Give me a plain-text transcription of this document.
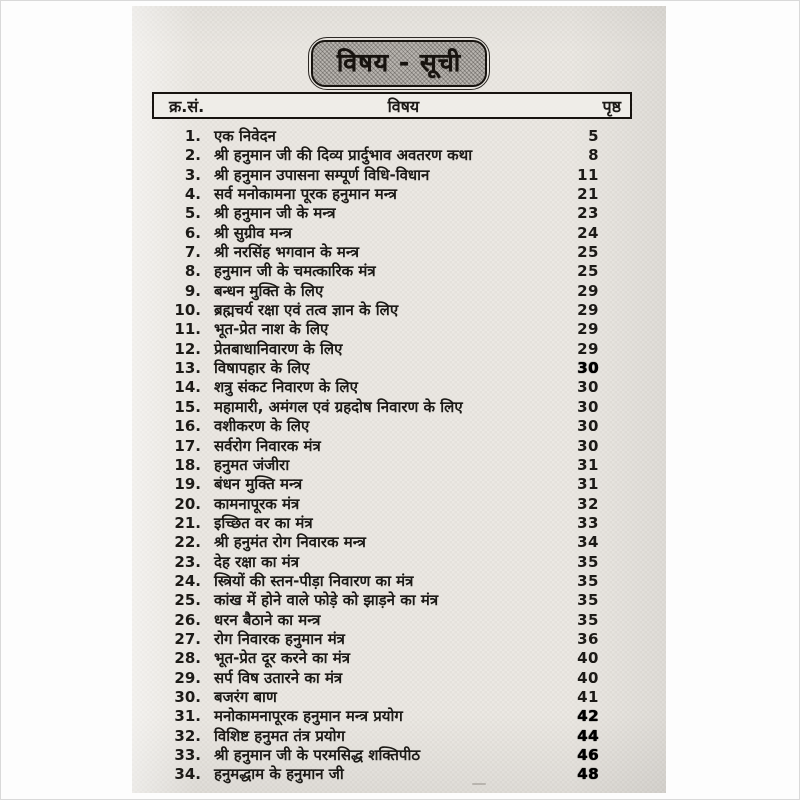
विषय - सूची
क्र.सं.	विषय	पृष्ठ
1. एक निवेदन	5
2. श्री हनुमान जी की दिव्य प्रार्दुभाव अवतरण कथा	8
3. श्री हनुमान उपासना सम्पूर्ण विधि-विधान	11
4. सर्व मनोकामना पूरक हनुमान मन्त्र	21
5. श्री हनुमान जी के मन्त्र	23
6. श्री सुग्रीव मन्त्र	24
7. श्री नरसिंह भगवान के मन्त्र	25
8. हनुमान जी के चमत्कारिक मंत्र	25
9. बन्धन मुक्ति के लिए	29
10. ब्रह्मचर्य रक्षा एवं तत्व ज्ञान के लिए	29
11. भूत-प्रेत नाश के लिए	29
12. प्रेतबाधानिवारण के लिए	29
13. विषापहार के लिए	30
14. शत्रु संकट निवारण के लिए	30
15. महामारी, अमंगल एवं ग्रहदोष निवारण के लिए	30
16. वशीकरण के लिए	30
17. सर्वरोग निवारक मंत्र	30
18. हनुमत जंजीरा	31
19. बंधन मुक्ति मन्त्र	31
20. कामनापूरक मंत्र	32
21. इच्छित वर का मंत्र	33
22. श्री हनुमंत रोग निवारक मन्त्र	34
23. देह रक्षा का मंत्र	35
24. स्त्रियों की स्तन-पीड़ा निवारण का मंत्र	35
25. कांख में होने वाले फोड़े को झाड़ने का मंत्र	35
26. धरन बैठाने का मन्त्र	35
27. रोग निवारक हनुमान मंत्र	36
28. भूत-प्रेत दूर करने का मंत्र	40
29. सर्प विष उतारने का मंत्र	40
30. बजरंग बाण	41
31. मनोकामनापूरक हनुमान मन्त्र प्रयोग	42
32. विशिष्ट हनुमत तंत्र प्रयोग	44
33. श्री हनुमान जी के परमसिद्ध शक्तिपीठ	46
34. हनुमद्धाम के हनुमान जी	48
